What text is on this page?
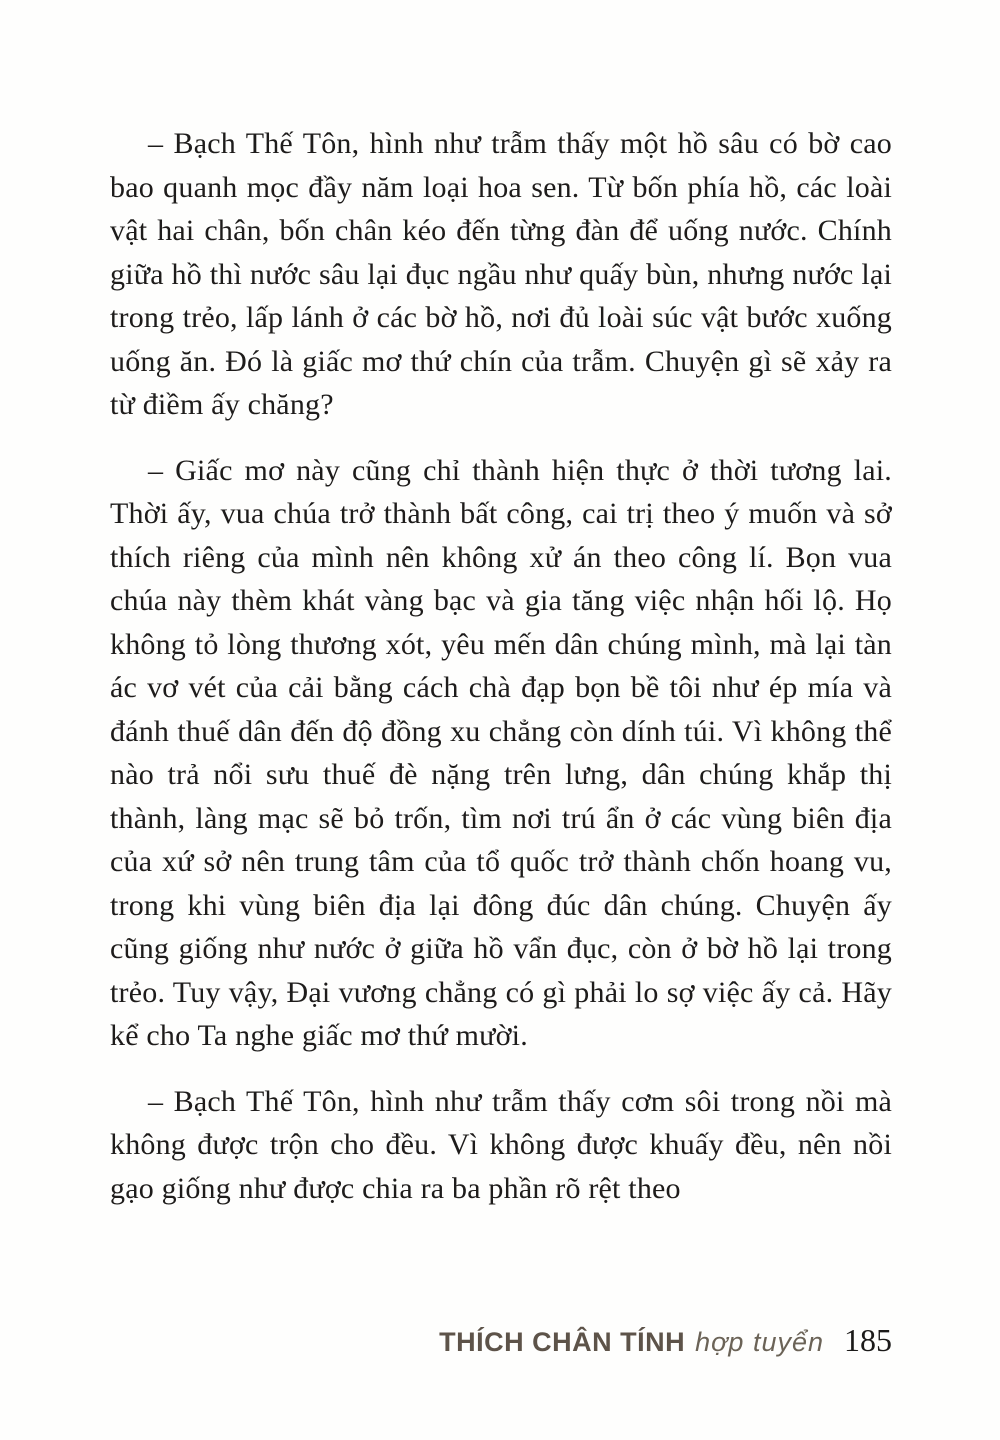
– Bạch Thế Tôn, hình như trẫm thấy một hồ sâu có bờ cao bao quanh mọc đầy năm loại hoa sen. Từ bốn phía hồ, các loài vật hai chân, bốn chân kéo đến từng đàn để uống nước. Chính giữa hồ thì nước sâu lại đục ngầu như quấy bùn, nhưng nước lại trong trẻo, lấp lánh ở các bờ hồ, nơi đủ loài súc vật bước xuống uống ăn. Đó là giấc mơ thứ chín của trẫm. Chuyện gì sẽ xảy ra từ điềm ấy chăng?

– Giấc mơ này cũng chỉ thành hiện thực ở thời tương lai. Thời ấy, vua chúa trở thành bất công, cai trị theo ý muốn và sở thích riêng của mình nên không xử án theo công lí. Bọn vua chúa này thèm khát vàng bạc và gia tăng việc nhận hối lộ. Họ không tỏ lòng thương xót, yêu mến dân chúng mình, mà lại tàn ác vơ vét của cải bằng cách chà đạp bọn bề tôi như ép mía và đánh thuế dân đến độ đồng xu chẳng còn dính túi. Vì không thể nào trả nổi sưu thuế đè nặng trên lưng, dân chúng khắp thị thành, làng mạc sẽ bỏ trốn, tìm nơi trú ẩn ở các vùng biên địa của xứ sở nên trung tâm của tổ quốc trở thành chốn hoang vu, trong khi vùng biên địa lại đông đúc dân chúng. Chuyện ấy cũng giống như nước ở giữa hồ vẩn đục, còn ở bờ hồ lại trong trẻo. Tuy vậy, Đại vương chẳng có gì phải lo sợ việc ấy cả. Hãy kể cho Ta nghe giấc mơ thứ mười.

– Bạch Thế Tôn, hình như trẫm thấy cơm sôi trong nồi mà không được trộn cho đều. Vì không được khuấy đều, nên nồi gạo giống như được chia ra ba phần rõ rệt theo

THÍCH CHÂN TÍNH hợp tuyển 185
